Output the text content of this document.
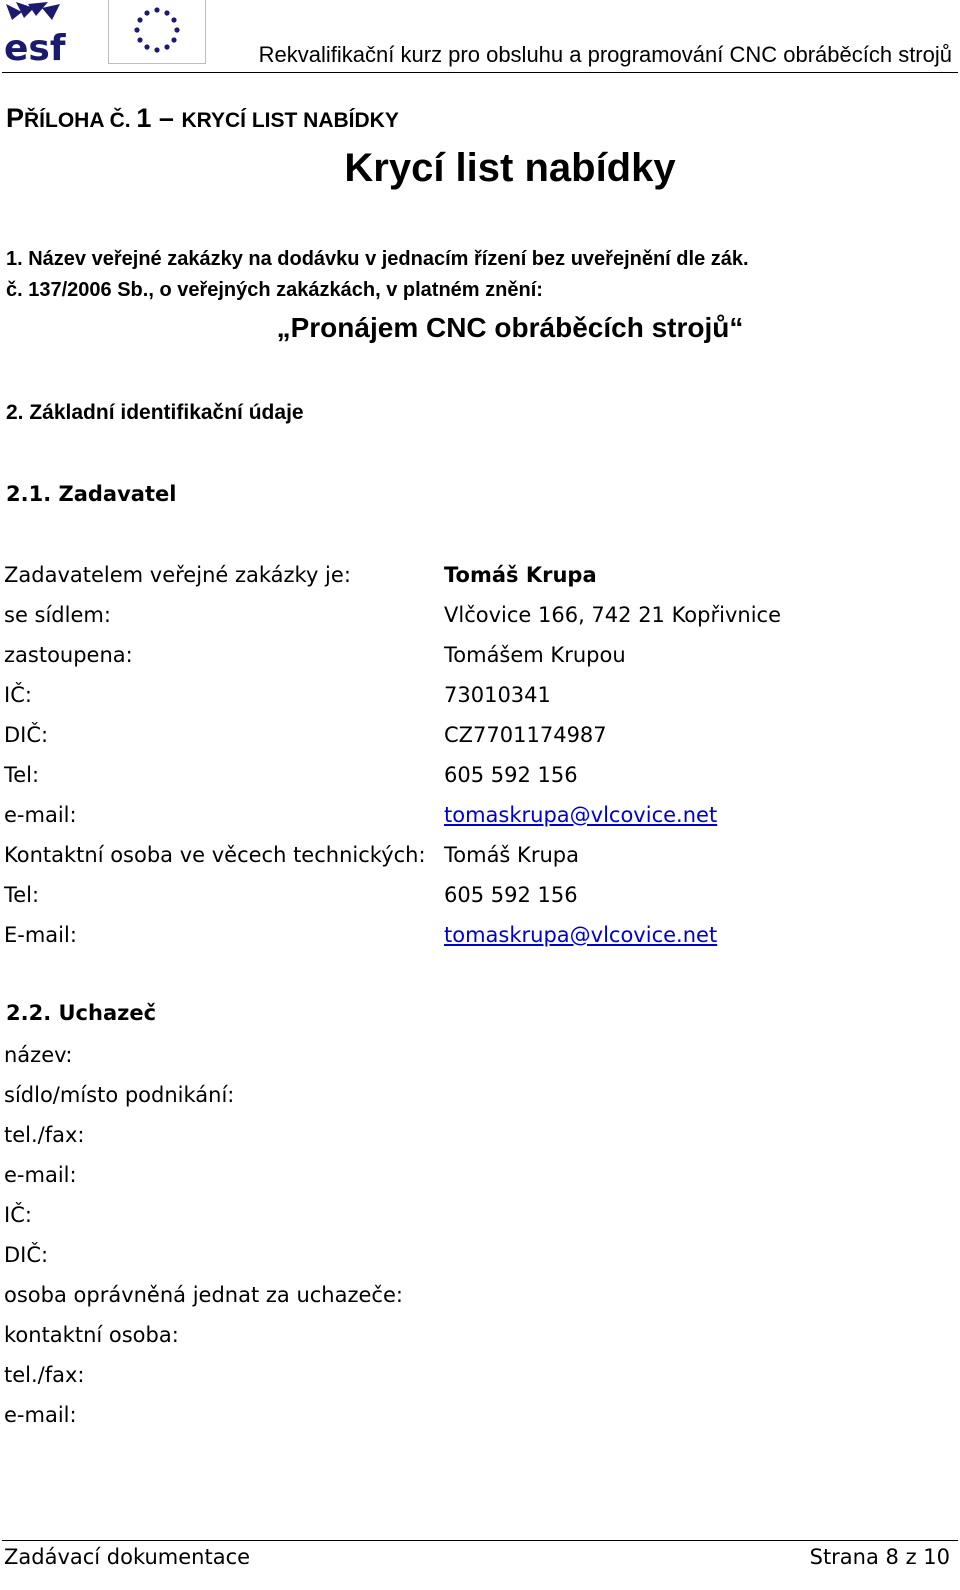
esf	Rekvalifikační kurz pro obsluhu a programování CNC obráběcích strojů
PŘÍLOHA Č. 1 – KRYCÍ LIST NABÍDKY
Krycí list nabídky
1. Název veřejné zakázky na dodávku v jednacím řízení bez uveřejnění dle zák.
č. 137/2006 Sb., o veřejných zakázkách, v platném znění:
„Pronájem CNC obráběcích strojů“
2. Základní identifikační údaje
2.1. Zadavatel
Zadavatelem veřejné zakázky je:	Tomáš Krupa
se sídlem:	Vlčovice 166, 742 21 Kopřivnice
zastoupena:	Tomášem Krupou
IČ:	73010341
DIČ:	CZ7701174987
Tel:	605 592 156
e-mail:	tomaskrupa@vlcovice.net
Kontaktní osoba ve věcech technických: Tomáš Krupa
Tel:	605 592 156
E-mail:	tomaskrupa@vlcovice.net
2.2. Uchazeč
název:
sídlo/místo podnikání:
tel./fax:
e-mail:
IČ:
DIČ:
osoba oprávněná jednat za uchazeče:
kontaktní osoba:
tel./fax:
e-mail:
Zadávací dokumentace	Strana 8 z 10
